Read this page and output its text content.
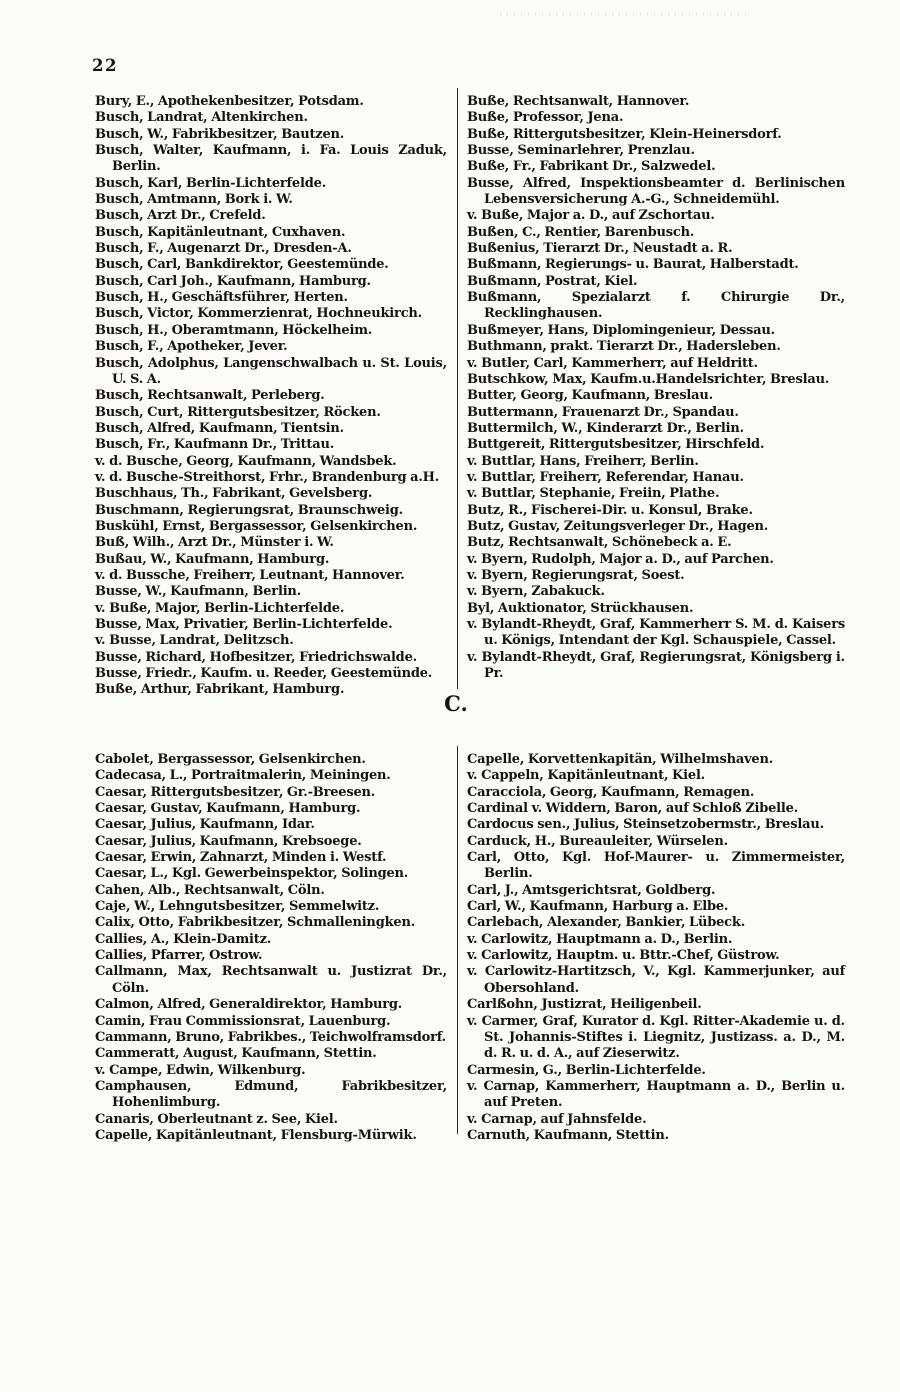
22

Bury, E., Apothekenbesitzer, Potsdam.

Busch, Landrat, Altenkirchen.

Busch, W., Fabrikbesitzer, Bautzen.

Busch, Walter, Kaufmann, i. Fa. Louis Zaduk, Berlin.

Busch, Karl, Berlin-Lichterfelde.

Busch, Amtmann, Bork i. W.

Busch, Arzt Dr., Crefeld.

Busch, Kapitänleutnant, Cuxhaven.

Busch, F., Augenarzt Dr., Dresden-A.

Busch, Carl, Bankdirektor, Geestemünde.

Busch, Carl Joh., Kaufmann, Hamburg.

Busch, H., Geschäftsführer, Herten.

Busch, Victor, Kommerzienrat, Hochneukirch.

Busch, H., Oberamtmann, Höckelheim.

Busch, F., Apotheker, Jever.

Busch, Adolphus, Langenschwalbach u. St. Louis, U. S. A.

Busch, Rechtsanwalt, Perleberg.

Busch, Curt, Rittergutsbesitzer, Röcken.

Busch, Alfred, Kaufmann, Tientsin.

Busch, Fr., Kaufmann Dr., Trittau.

v. d. Busche, Georg, Kaufmann, Wandsbek.

v. d. Busche-Streithorst, Frhr., Brandenburg a.H.

Buschhaus, Th., Fabrikant, Gevelsberg.

Buschmann, Regierungsrat, Braunschweig.

Buskühl, Ernst, Bergassessor, Gelsenkirchen.

Buß, Wilh., Arzt Dr., Münster i. W.

Bußau, W., Kaufmann, Hamburg.

v. d. Bussche, Freiherr, Leutnant, Hannover.

Busse, W., Kaufmann, Berlin.

v. Buße, Major, Berlin-Lichterfelde.

Busse, Max, Privatier, Berlin-Lichterfelde.

v. Busse, Landrat, Delitzsch.

Busse, Richard, Hofbesitzer, Friedrichswalde.

Busse, Friedr., Kaufm. u. Reeder, Geestemünde.

Buße, Arthur, Fabrikant, Hamburg.

Buße, Rechtsanwalt, Hannover.

Buße, Professor, Jena.

Buße, Rittergutsbesitzer, Klein-Heinersdorf.

Busse, Seminarlehrer, Prenzlau.

Buße, Fr., Fabrikant Dr., Salzwedel.

Busse, Alfred, Inspektionsbeamter d. Berlinischen Lebensversicherung A.-G., Schneidemühl.

v. Buße, Major a. D., auf Zschortau.

Bußen, C., Rentier, Barenbusch.

Bußenius, Tierarzt Dr., Neustadt a. R.

Bußmann, Regierungs- u. Baurat, Halberstadt.

Bußmann, Postrat, Kiel.

Bußmann, Spezialarzt f. Chirurgie Dr., Recklinghausen.

Bußmeyer, Hans, Diplomingenieur, Dessau.

Buthmann, prakt. Tierarzt Dr., Hadersleben.

v. Butler, Carl, Kammerherr, auf Heldritt.

Butschkow, Max, Kaufm.u.Handelsrichter, Breslau.

Butter, Georg, Kaufmann, Breslau.

Buttermann, Frauenarzt Dr., Spandau.

Buttermilch, W., Kinderarzt Dr., Berlin.

Buttgereit, Rittergutsbesitzer, Hirschfeld.

v. Buttlar, Hans, Freiherr, Berlin.

v. Buttlar, Freiherr, Referendar, Hanau.

v. Buttlar, Stephanie, Freiin, Plathe.

Butz, R., Fischerei-Dir. u. Konsul, Brake.

Butz, Gustav, Zeitungsverleger Dr., Hagen.

Butz, Rechtsanwalt, Schönebeck a. E.

v. Byern, Rudolph, Major a. D., auf Parchen.

v. Byern, Regierungsrat, Soest.

v. Byern, Zabakuck.

Byl, Auktionator, Strückhausen.

v. Bylandt-Rheydt, Graf, Kammerherr S. M. d. Kaisers u. Königs, Intendant der Kgl. Schauspiele, Cassel.

v. Bylandt-Rheydt, Graf, Regierungsrat, Königsberg i. Pr.

C.

Cabolet, Bergassessor, Gelsenkirchen.

Cadecasa, L., Portraitmalerin, Meiningen.

Caesar, Rittergutsbesitzer, Gr.-Breesen.

Caesar, Gustav, Kaufmann, Hamburg.

Caesar, Julius, Kaufmann, Idar.

Caesar, Julius, Kaufmann, Krebsoege.

Caesar, Erwin, Zahnarzt, Minden i. Westf.

Caesar, L., Kgl. Gewerbeinspektor, Solingen.

Cahen, Alb., Rechtsanwalt, Cöln.

Caje, W., Lehngutsbesitzer, Semmelwitz.

Calix, Otto, Fabrikbesitzer, Schmalleningken.

Callies, A., Klein-Damitz.

Callies, Pfarrer, Ostrow.

Callmann, Max, Rechtsanwalt u. Justizrat Dr., Cöln.

Calmon, Alfred, Generaldirektor, Hamburg.

Camin, Frau Commissionsrat, Lauenburg.

Cammann, Bruno, Fabrikbes., Teichwolframsdorf.

Cammeratt, August, Kaufmann, Stettin.

v. Campe, Edwin, Wilkenburg.

Camphausen, Edmund, Fabrikbesitzer, Hohenlimburg.

Canaris, Oberleutnant z. See, Kiel.

Capelle, Kapitänleutnant, Flensburg-Mürwik.

Capelle, Korvettenkapitän, Wilhelmshaven.

v. Cappeln, Kapitänleutnant, Kiel.

Caracciola, Georg, Kaufmann, Remagen.

Cardinal v. Widdern, Baron, auf Schloß Zibelle.

Cardocus sen., Julius, Steinsetzobermstr., Breslau.

Carduck, H., Bureauleiter, Würselen.

Carl, Otto, Kgl. Hof-Maurer- u. Zimmermeister, Berlin.

Carl, J., Amtsgerichtsrat, Goldberg.

Carl, W., Kaufmann, Harburg a. Elbe.

Carlebach, Alexander, Bankier, Lübeck.

v. Carlowitz, Hauptmann a. D., Berlin.

v. Carlowitz, Hauptm. u. Bttr.-Chef, Güstrow.

v. Carlowitz-Hartitzsch, V., Kgl. Kammerjunker, auf Obersohland.

Carlßohn, Justizrat, Heiligenbeil.

v. Carmer, Graf, Kurator d. Kgl. Ritter-Akademie u. d. St. Johannis-Stiftes i. Liegnitz, Justizass. a. D., M. d. R. u. d. A., auf Zieserwitz.

Carmesin, G., Berlin-Lichterfelde.

v. Carnap, Kammerherr, Hauptmann a. D., Berlin u. auf Preten.

v. Carnap, auf Jahnsfelde.

Carnuth, Kaufmann, Stettin.
